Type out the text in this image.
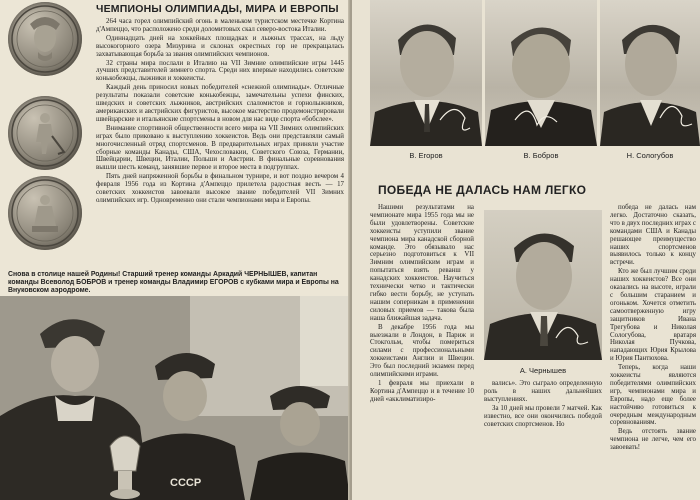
ЧЕМПИОНЫ ОЛИМПИАДЫ, МИРА И ЕВРОПЫ

264 часа горел олимпийский огонь в маленьком туристском местечке Кортина д'Ампеццо, что расположено среди доломитовых скал северо-востока Италии.

Одиннадцать дней на хоккейных площадках и лыжных трассах, на льду высокогорного озера Мизурина и склонах окрестных гор не прекращалась захватывающая борьба за звания олимпийских чемпионов.

32 страны мира послали в Италию на VII Зимние олимпийские игры 1445 лучших представителей зимнего спорта. Среди них впервые находились советские конькобежцы, лыжники и хоккеисты.

Каждый день приносил новых победителей «снежной олимпиады». Отличные результаты показали советские конькобежцы, замечательны успехи финских, шведских и советских лыжников, австрийских слаломистов и горнолыжников, американских и австрийских фигуристов, высокое мастерство продемонстрировали швейцарские и итальянские спортсмены в новом для нас виде спорта «бобслее».

Внимание спортивной общественности всего мира на VII Зимних олимпийских играх было приковано к выступлению хоккеистов. Ведь они представляли самый многочисленный отряд спортсменов. В предварительных играх приняли участие сборные команды Канады, США, Чехословакии, Советского Союза, Германии, Швейцарии, Швеции, Италии, Польши и Австрии. В финальные соревнования вышли шесть команд, занявшие первое и второе места в подгруппах.

Пять дней напряженной борьбы в финальном турнире, и вот поздно вечером 4 февраля 1956 года из Кортина д'Ампеццо прилетела радостная весть — 17 советских хоккеистов завоевали высокое звание победителей VII Зимних олимпийских игр. Одновременно они стали чемпионами мира и Европы.

Снова в столице нашей Родины! Старший тренер команды Аркадий ЧЕРНЫШЕВ, капитан команды Всеволод БОБРОВ и тренер команды Владимир ЕГОРОВ с кубками мира и Европы на Внуковском аэродроме.
СССР
В. Егоров	В. Бобров	Н. Сологубов
ПОБЕДА НЕ ДАЛАСЬ НАМ ЛЕГКО

Нашими результатами на чемпионате мира 1955 года мы не были удовлетворены. Советские хоккеисты уступили звание чемпиона мира канадской сборной команде. Это обязывало нас серьезно подготовиться к VII Зимним олимпийским играм и попытаться взять реванш у канадских хоккеистов. Научиться технически четко и тактически гибко вести борьбу, не уступать нашим соперникам в применении силовых приемов — такова была наша ближайшая задача.

В декабре 1956 года мы выезжали в Лондон, в Париж и Стокгольм, чтобы помериться силами с профессиональными хоккеистами Англии и Швеции. Это был последний экзамен перед олимпийскими играми.

1 февраля мы приехали в Кортина д'Ампеццо и в течение 10 дней «акклиматизиро-

А. Чернышев

вались». Это сыграло определенную роль в наших дальнейших выступлениях.

За 10 дней мы провели 7 матчей. Как известно, все они окончились победой советских спортсменов. Но

победа не далась нам легко. Достаточно сказать, что в двух последних играх с командами США и Канады решающее преимущество наших спортсменов выявилось только к концу встречи.

Кто же был лучшим среди наших хоккеистов? Все они оказались на высоте, играли с большим старанием и огоньком. Хочется отметить самоотверженную игру защитников Ивана Трегубова и Николая Сологубова, вратаря Николая Пучкова, нападающих Юрия Крылова и Юрия Пантюхова.

Теперь, когда наши хоккеисты являются победителями олимпийских игр, чемпионами мира и Европы, надо еще более настойчиво готовиться к очередным международным соревнованиям.

Ведь отстоять звание чемпиона не легче, чем его завоевать!
